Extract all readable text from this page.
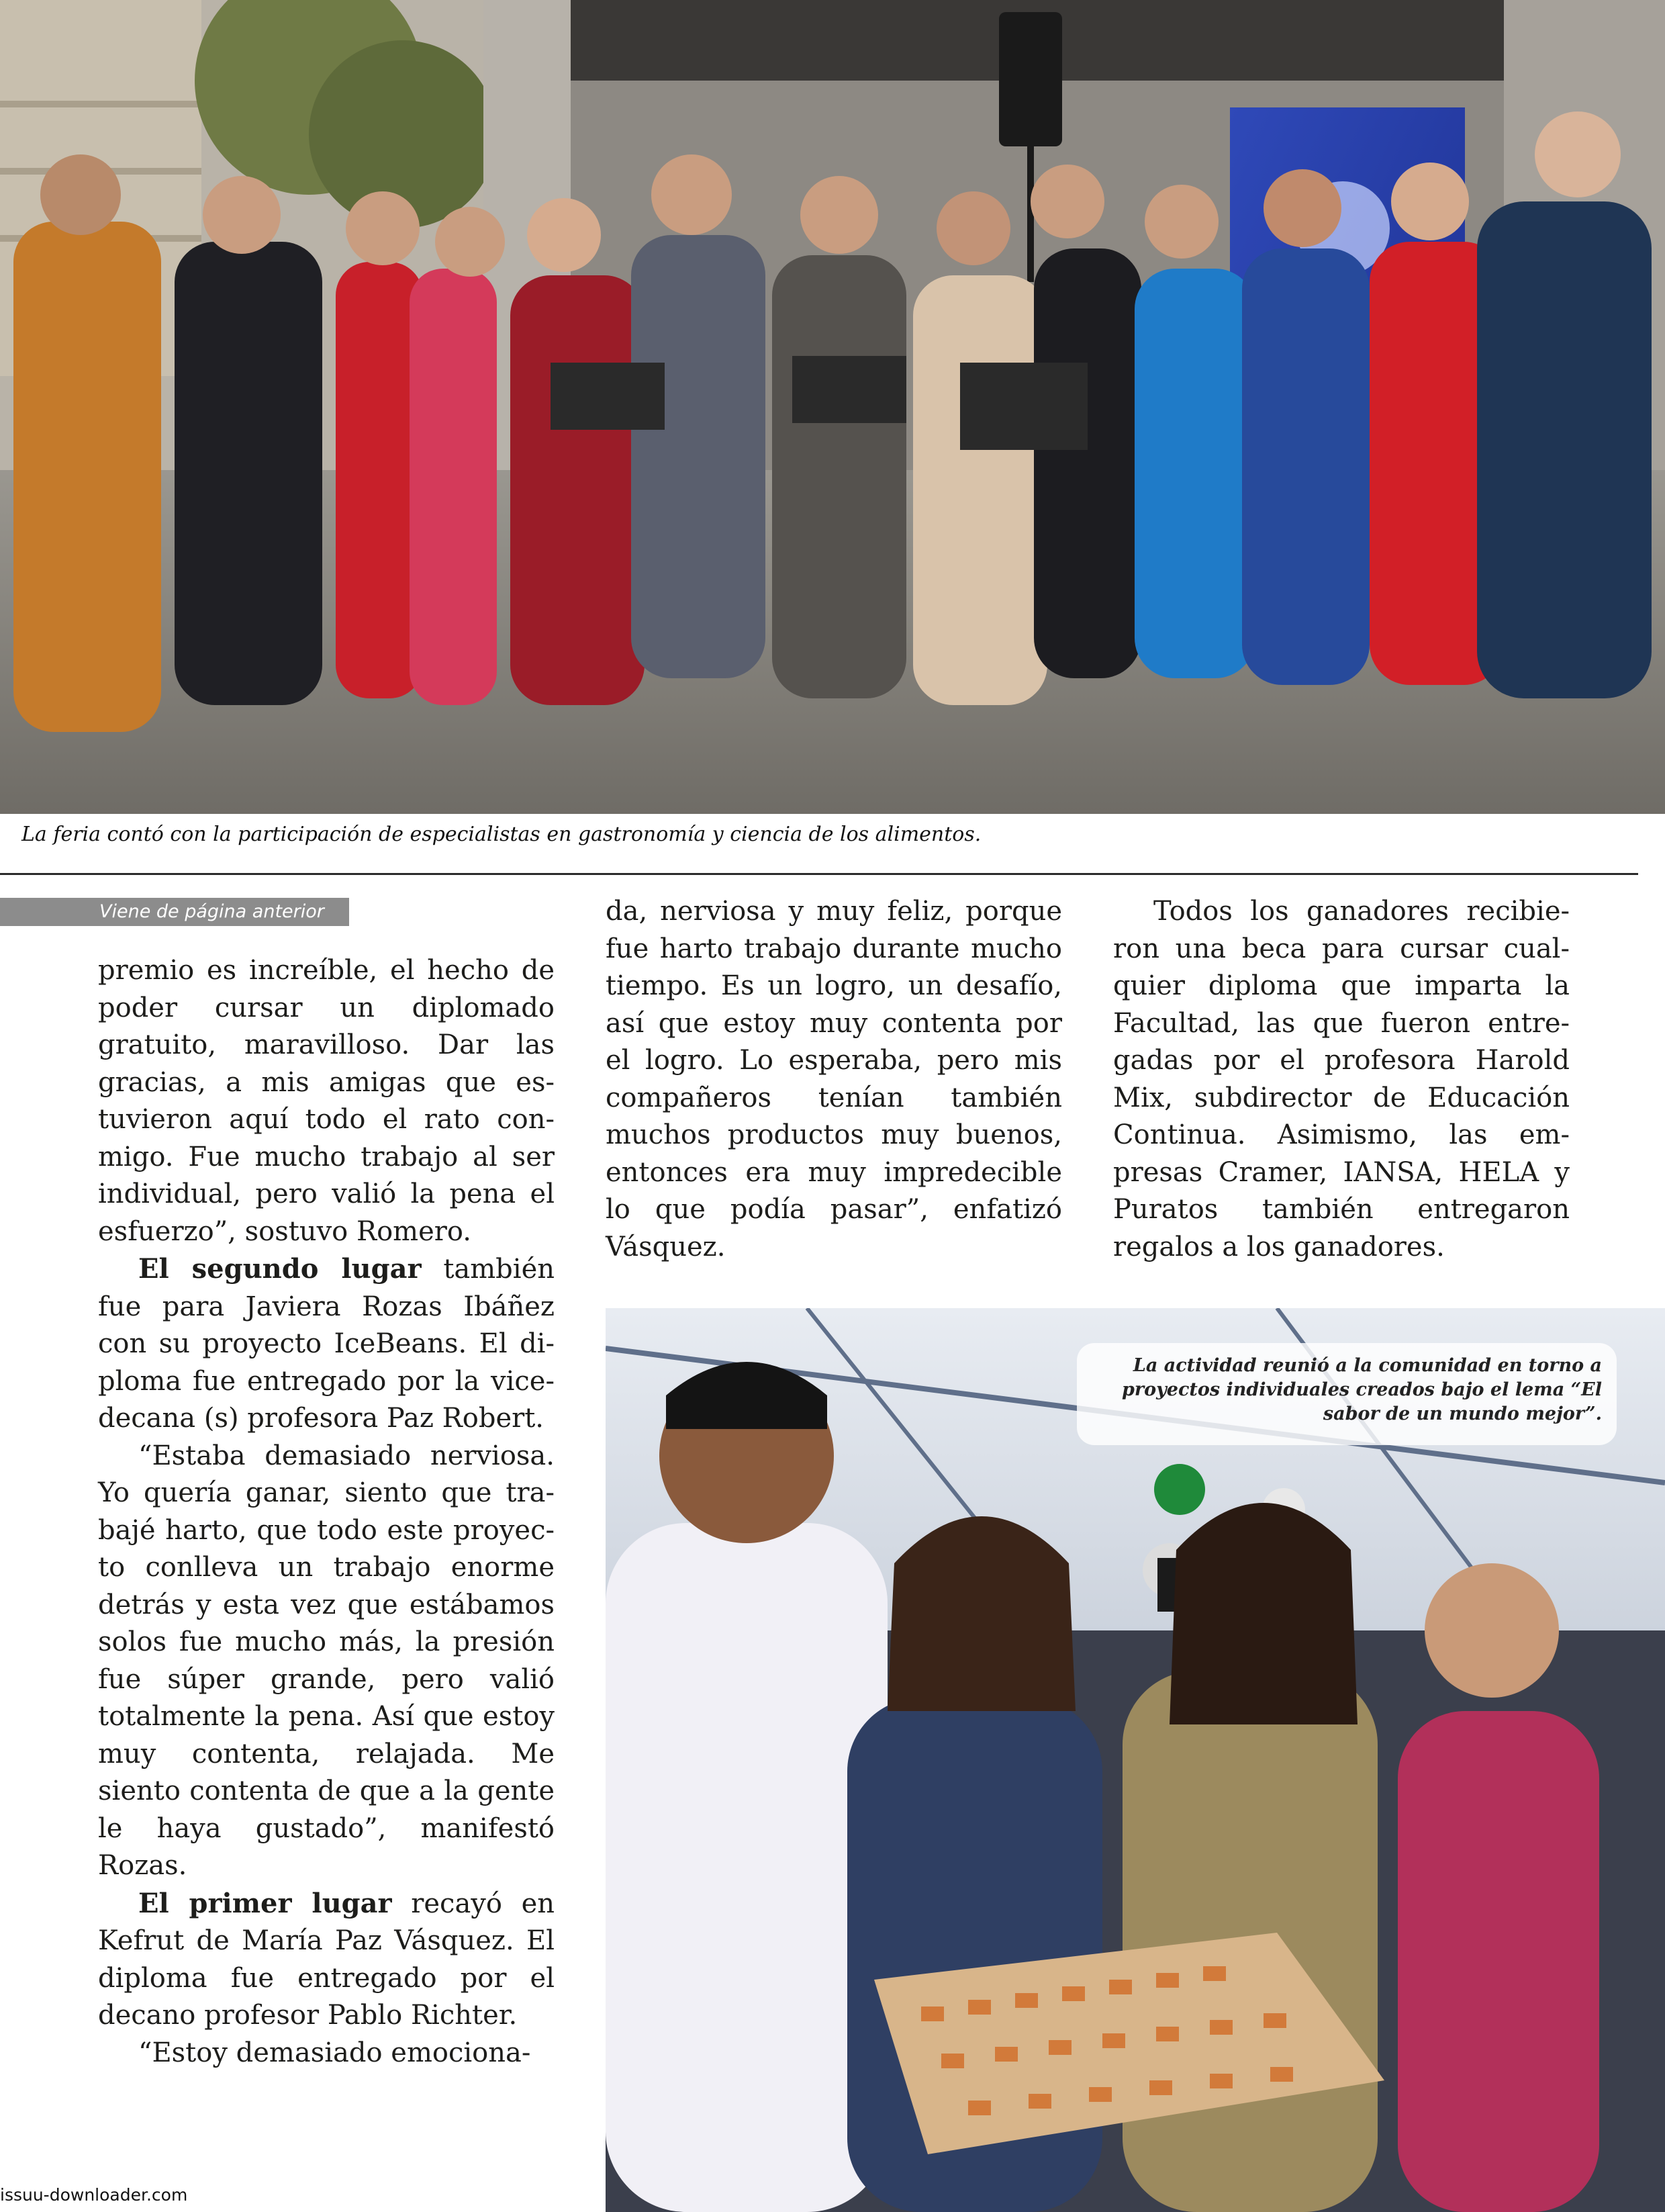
La feria contó con la participación de especialistas en gastronomía y ciencia de los alimentos.
Viene de página anterior

premio es increíble, el hecho de poder cursar un diplomado gratuito, maravilloso. Dar las gracias, a mis amigas que estuvieron aquí todo el rato conmigo. Fue mucho trabajo al ser individual, pero valió la pena el esfuerzo”, sostuvo Romero.

El segundo lugar también fue para Javiera Rozas Ibáñez con su proyecto IceBeans. El diploma fue entregado por la vicedecana (s) profesora Paz Robert.

“Estaba demasiado nerviosa. Yo quería ganar, siento que trabajé harto, que todo este proyecto conlleva un trabajo enorme detrás y esta vez que estábamos solos fue mucho más, la presión fue súper grande, pero valió totalmente la pena. Así que estoy muy contenta, relajada. Me siento contenta de que a la gente le haya gustado”, manifestó Rozas.

El primer lugar recayó en Kefrut de María Paz Vásquez. El diploma fue entregado por el decano profesor Pablo Richter.

“Estoy demasiado emociona-

da, nerviosa y muy feliz, porque fue harto trabajo durante mucho tiempo. Es un logro, un desafío, así que estoy muy contenta por el logro. Lo esperaba, pero mis compañeros tenían también muchos productos muy buenos, entonces era muy impredecible lo que podía pasar”, enfatizó Vásquez.

Todos los ganadores recibieron una beca para cursar cualquier diploma que imparta la Facultad, las que fueron entregadas por el profesora Harold Mix, subdirector de Educación Continua. Asimismo, las empresas Cramer, IANSA, HELA y Puratos también entregaron regalos a los ganadores.

La actividad reunió a la comunidad en torno a proyectos individuales creados bajo el lema “El sabor de un mundo mejor”.
issuu-downloader.com
